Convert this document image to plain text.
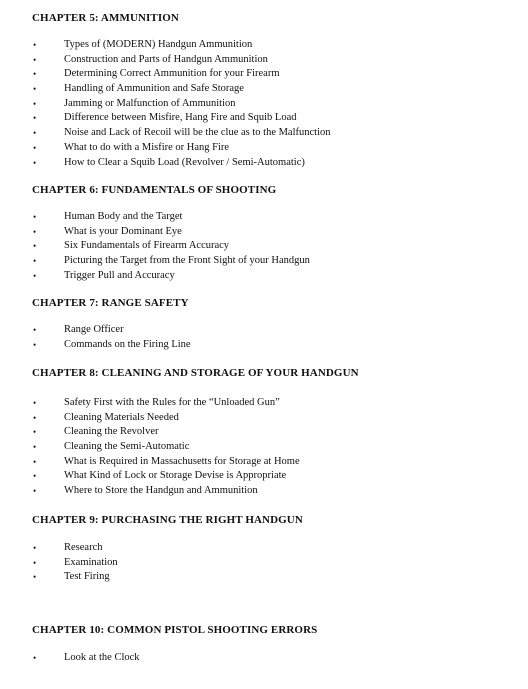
CHAPTER 5: AMMUNITION
•	Types of (MODERN) Handgun Ammunition
•	Construction and Parts of Handgun Ammunition
•	Determining Correct Ammunition for your Firearm
•	Handling of Ammunition and Safe Storage
•	Jamming or Malfunction of Ammunition
•	Difference between Misfire, Hang Fire and Squib Load
•	Noise and Lack of Recoil will be the clue as to the Malfunction
•	What to do with a Misfire or Hang Fire
•	How to Clear a Squib Load (Revolver / Semi-Automatic)
CHAPTER 6: FUNDAMENTALS OF SHOOTING
•	Human Body and the Target
•	What is your Dominant Eye
•	Six Fundamentals of Firearm Accuracy
•	Picturing the Target from the Front Sight of your Handgun
•	Trigger Pull and Accuracy
CHAPTER 7: RANGE SAFETY
•	Range Officer
•	Commands on the Firing Line
CHAPTER 8: CLEANING AND STORAGE OF YOUR HANDGUN
•	Safety First with the Rules for the “Unloaded Gun”
•	Cleaning Materials Needed
•	Cleaning the Revolver
•	Cleaning the Semi-Automatic
•	What is Required in Massachusetts for Storage at Home
•	What Kind of Lock or Storage Devise is Appropriate
•	Where to Store the Handgun and Ammunition
CHAPTER 9: PURCHASING THE RIGHT HANDGUN
•	Research
•	Examination
•	Test Firing
CHAPTER 10: COMMON PISTOL SHOOTING ERRORS
•	Look at the Clock
